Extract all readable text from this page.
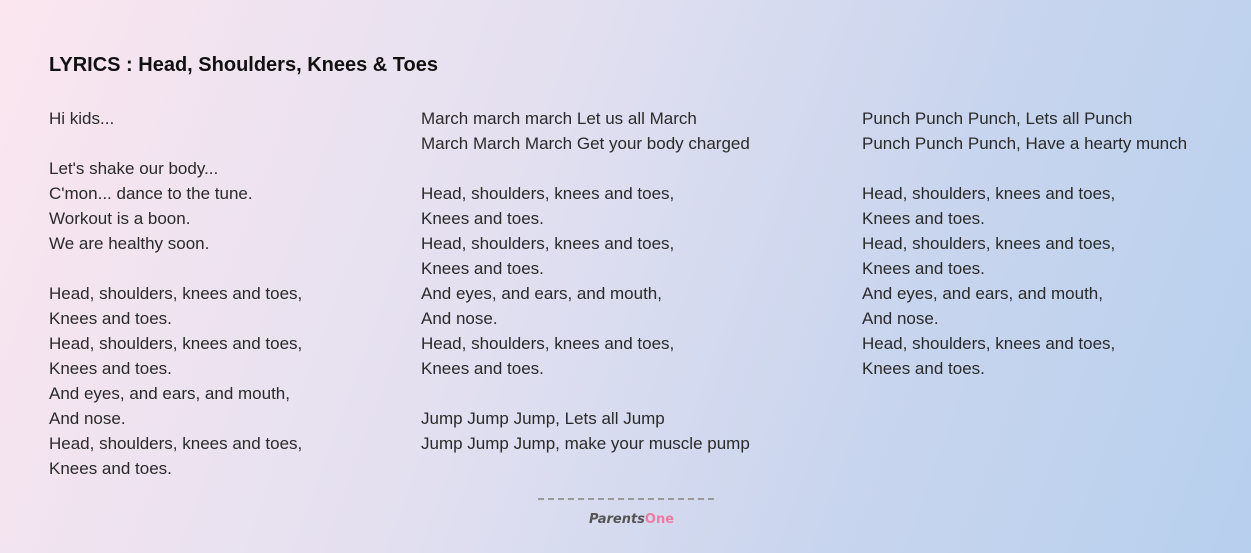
LYRICS : Head, Shoulders, Knees & Toes
Hi kids...
Let's shake our body...
C'mon... dance to the tune.
Workout is a boon.
We are healthy soon.
Head, shoulders, knees and toes,
Knees and toes.
Head, shoulders, knees and toes,
Knees and toes.
And eyes, and ears, and mouth,
And nose.
Head, shoulders, knees and toes,
Knees and toes.
March march march Let us all March
March March March Get your body charged
Head, shoulders, knees and toes,
Knees and toes.
Head, shoulders, knees and toes,
Knees and toes.
And eyes, and ears, and mouth,
And nose.
Head, shoulders, knees and toes,
Knees and toes.
Jump Jump Jump, Lets all Jump
Jump Jump Jump, make your muscle pump
Punch Punch Punch, Lets all Punch
Punch Punch Punch, Have a hearty munch
Head, shoulders, knees and toes,
Knees and toes.
Head, shoulders, knees and toes,
Knees and toes.
And eyes, and ears, and mouth,
And nose.
Head, shoulders, knees and toes,
Knees and toes.
ParentsOne
